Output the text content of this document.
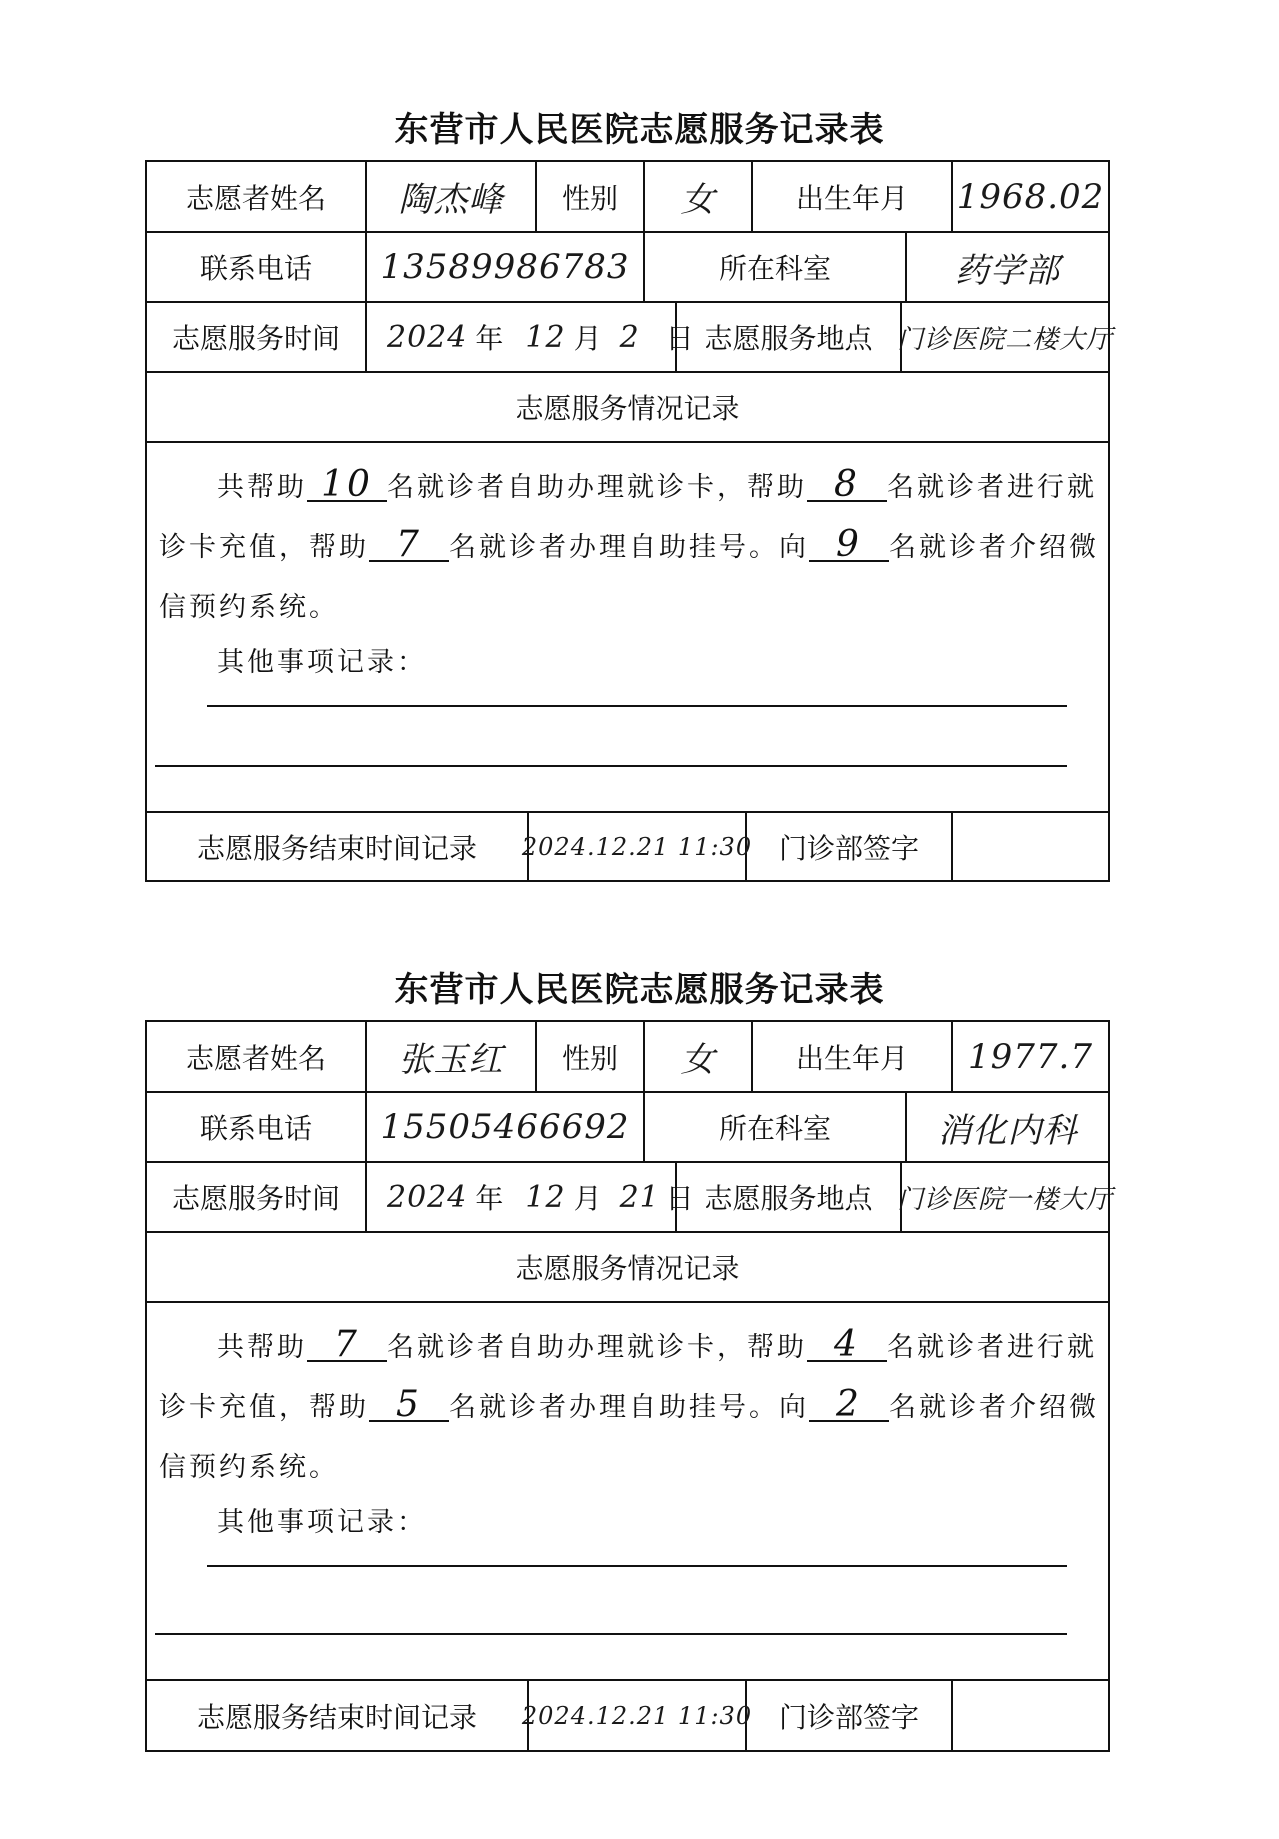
东营市人民医院志愿服务记录表
志愿者姓名	陶杰峰	性别	女	出生年月	1968.02
联系电话	13589986783	所在科室	药学部
志愿服务时间	2024 年 12 月 2 日 志愿服务地点 门诊医院二楼大厅
志愿服务情况记录
共帮助 10 名就诊者自助办理就诊卡，帮助 8 名就诊者进行就
诊卡充值，帮助 7 名就诊者办理自助挂号。向 9 名就诊者介绍微
信预约系统。
其他事项记录：
志愿服务结束时间记录	2024.12.21 11:30 门诊部签字
东营市人民医院志愿服务记录表
志愿者姓名	张玉红	性别	女	出生年月	1977.7
联系电话	15505466692	所在科室	消化内科
志愿服务时间	2024 年 12 月 21 日 志愿服务地点 门诊医院一楼大厅
志愿服务情况记录
共帮助 7 名就诊者自助办理就诊卡，帮助 4 名就诊者进行就
诊卡充值，帮助 5 名就诊者办理自助挂号。向 2 名就诊者介绍微
信预约系统。
其他事项记录：
志愿服务结束时间记录	2024.12.21 11:30 门诊部签字
